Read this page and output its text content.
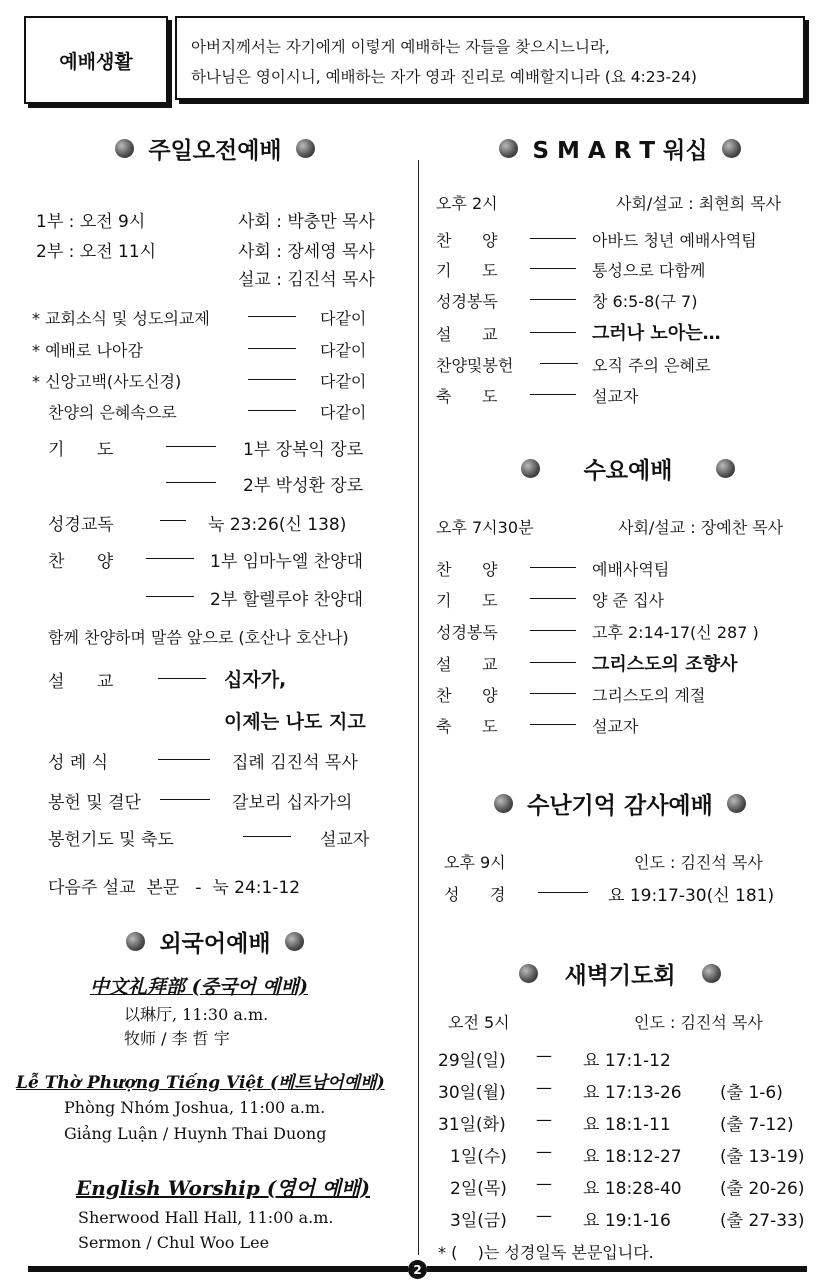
예배생활
아버지께서는 자기에게 이렇게 예배하는 자들을 찾으시느니라,
하나님은 영이시니, 예배하는 자가 영과 진리로 예배할지니라 (요 4:23-24)
주일오전예배
1부 : 오전 9시	사회 : 박충만 목사
2부 : 오전 11시	사회 : 장세영 목사
설교 : 김진석 목사
* 교회소식 및 성도의교제	다같이
* 예배로 나아감	다같이
* 신앙고백(사도신경)	다같이
찬양의 은혜속으로	다같이
기      도	1부 장복익 장로
2부 박성환 장로
성경교독	눅 23:26(신 138)
찬      양	1부 임마누엘 찬양대
2부 할렐루야 찬양대
함께 찬양하며 말씀 앞으로 (호산나 호산나)
설      교	십자가,
이제는 나도 지고
성 례 식	집례 김진석 목사
봉헌 및 결단	갈보리 십자가의
봉헌기도 및 축도	설교자
다음주 설교  본문   -  눅 24:1-12
외국어예배
中文礼拜部 (중국어 예배)
以琳厅, 11:30 a.m.
牧师 / 李 哲 宇
Lễ Thờ Phượng Tiếng Việt (베트남어예배)
Phòng Nhóm Joshua, 11:00 a.m.
Giảng Luận / Huynh Thai Duong
English Worship (영어 예배)
Sherwood Hall Hall, 11:00 a.m.
Sermon / Chul Woo Lee
S M A R T 워십
오후 2시	사회/설교 : 최현희 목사
찬      양	아바드 청년 예배사역팀
기      도	통성으로 다함께
성경봉독	창 6:5-8(구 7)
설      교	그러나 노아는…
찬양및봉헌	오직 주의 은혜로
축      도	설교자
수요예배
오후 7시30분	사회/설교 : 장예찬 목사
찬      양	예배사역팀
기      도	양 준 집사
성경봉독	고후 2:14-17(신 287 )
설      교	그리스도의 조향사
찬      양	그리스도의 계절
축      도	설교자
수난기억 감사예배
오후 9시	인도 : 김진석 목사
성      경	요 19:17-30(신 181)
새벽기도회
오전 5시	인도 : 김진석 목사
29일(일) — 요 17:1-12
30일(월) — 요 17:13-26 (출 1-6)
31일(화) — 요 18:1-11	(출 7-12)
1일(수) — 요 18:12-27 (출 13-19)
2일(목) — 요 18:28-40 (출 20-26)
3일(금) — 요 19:1-16	(출 27-33)
* (    )는 성경일독 본문입니다.
2
